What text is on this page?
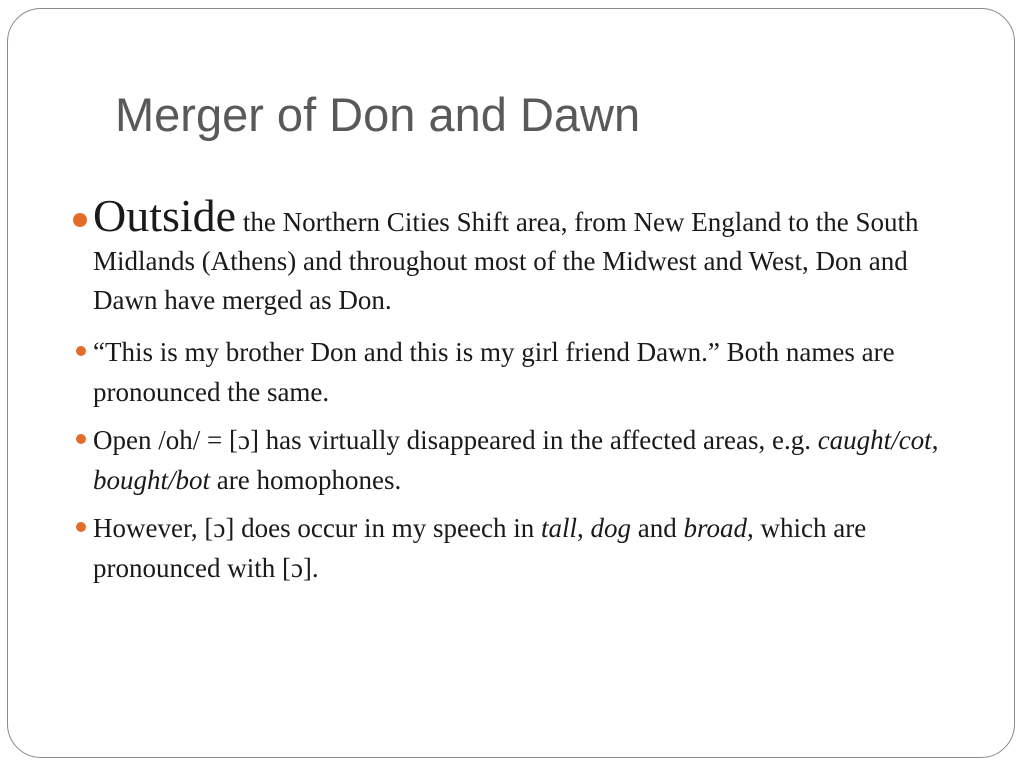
Merger of Don and Dawn
Outside the Northern Cities Shift area, from New England to the South Midlands (Athens) and throughout most of the Midwest and West, Don and Dawn have merged as Don.
“This is my brother Don and this is my girl friend Dawn.” Both names are pronounced the same.
Open /oh/ = [ɔ] has virtually disappeared in the affected areas, e.g. caught/cot, bought/bot are homophones.
However, [ɔ] does occur in my speech in tall, dog and broad, which are pronounced with [ɔ].
